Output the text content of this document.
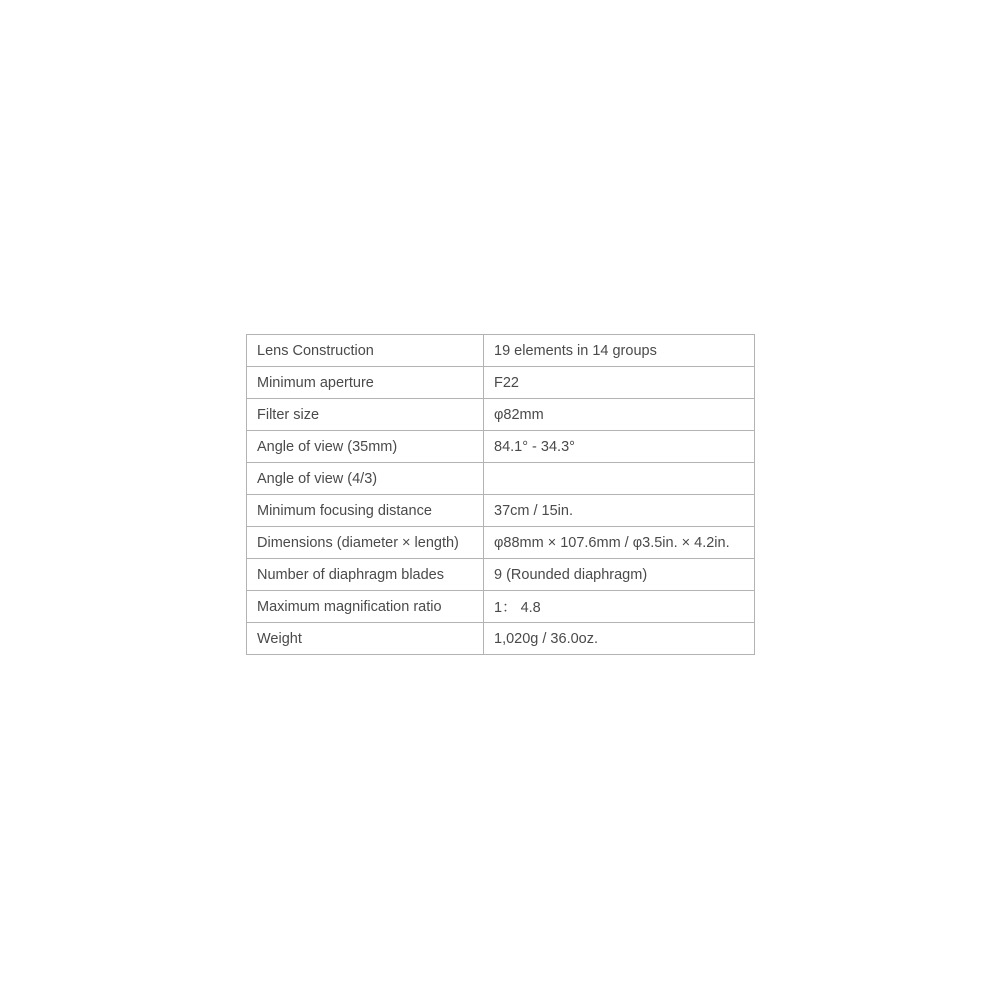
Lens Construction	19 elements in 14 groups
Minimum aperture	F22
Filter size	φ82mm
Angle of view (35mm)	84.1° - 34.3°
Angle of view (4/3)	
Minimum focusing distance	37cm / 15in.
Dimensions (diameter × length)	φ88mm × 107.6mm / φ3.5in. × 4.2in.
Number of diaphragm blades	9 (Rounded diaphragm)
Maximum magnification ratio	1： 4.8
Weight	1,020g / 36.0oz.
